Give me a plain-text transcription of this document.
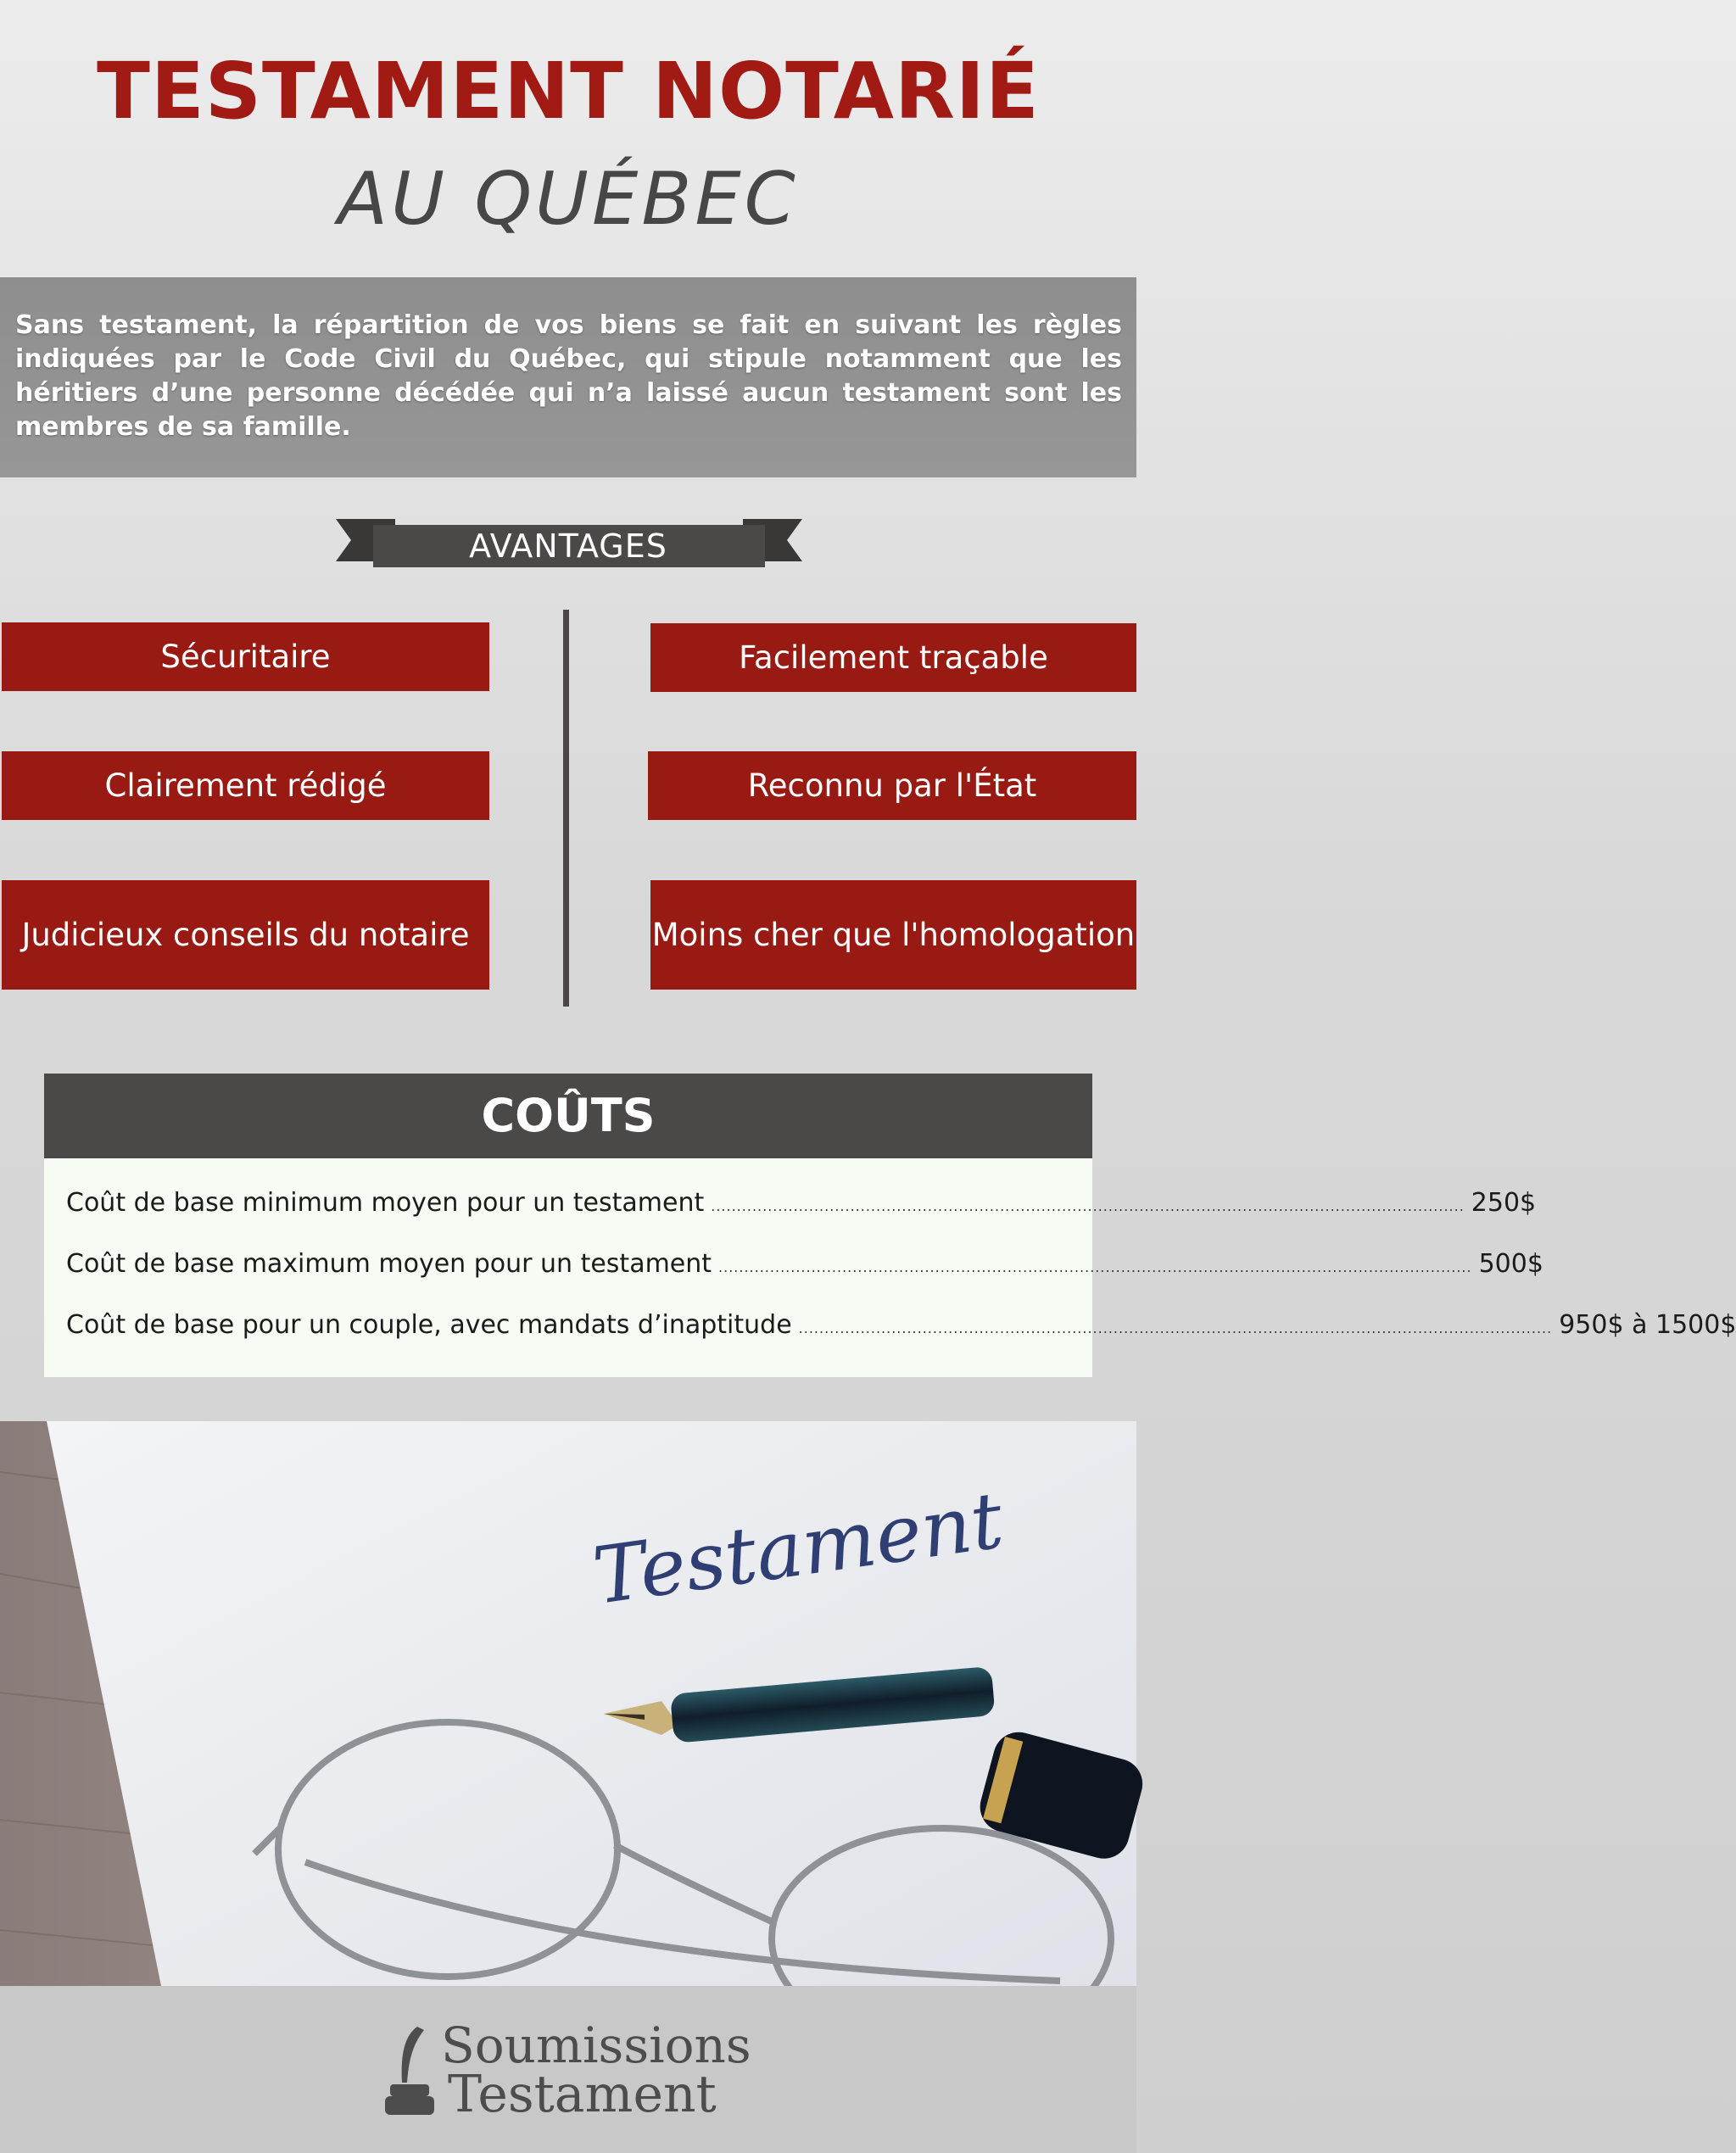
TESTAMENT NOTARIÉ
AU QUÉBEC
Sans testament, la répartition de vos biens se fait en suivant les règles indiquées par le Code Civil du Québec, qui stipule notamment que les héritiers d’une personne décédée qui n’a laissé aucun testament sont les membres de sa famille.
AVANTAGES
Sécuritaire
Clairement rédigé
Judicieux conseils du notaire
Facilement traçable
Reconnu par l'État
Moins cher que l'homologation
COÛTS
Coût de base minimum moyen pour un testament .................................................................................................................................................. 250$
Coût de base maximum moyen pour un testament .................................................................................................................................................. 500$
Coût de base pour un couple, avec mandats d’inaptitude .................................................................................................................................................. 950$ à 1500$
Testament
Soumissions
Testament
